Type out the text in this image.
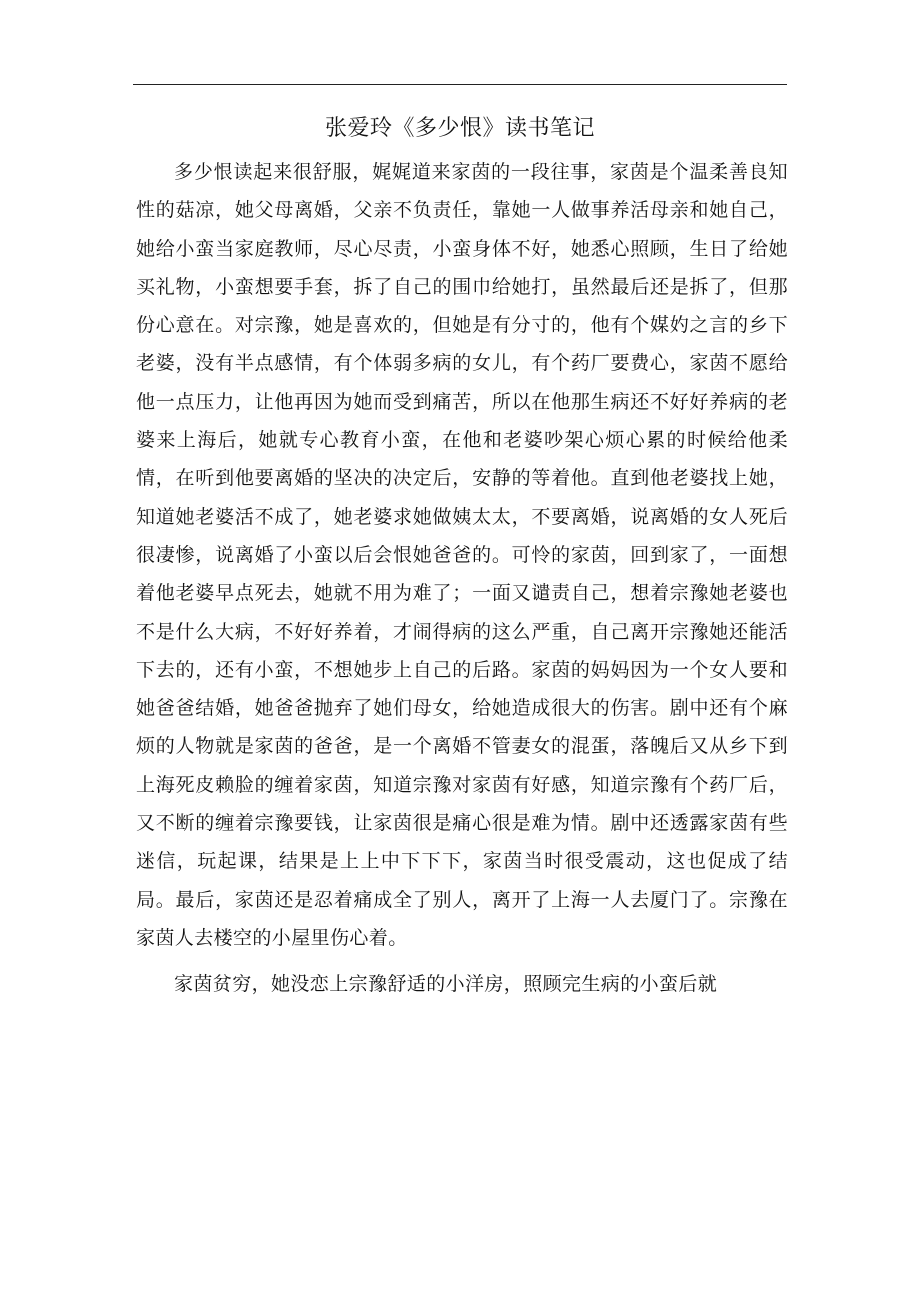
张爱玲《多少恨》读书笔记

多少恨读起来很舒服，娓娓道来家茵的一段往事，家茵是个温柔善良知性的菇凉，她父母离婚，父亲不负责任，靠她一人做事养活母亲和她自己，她给小蛮当家庭教师，尽心尽责，小蛮身体不好，她悉心照顾，生日了给她买礼物，小蛮想要手套，拆了自己的围巾给她打，虽然最后还是拆了，但那份心意在。对宗豫，她是喜欢的，但她是有分寸的，他有个媒妁之言的乡下老婆，没有半点感情，有个体弱多病的女儿，有个药厂要费心，家茵不愿给他一点压力，让他再因为她而受到痛苦，所以在他那生病还不好好养病的老婆来上海后，她就专心教育小蛮，在他和老婆吵架心烦心累的时候给他柔情，在听到他要离婚的坚决的决定后，安静的等着他。直到他老婆找上她，知道她老婆活不成了，她老婆求她做姨太太，不要离婚，说离婚的女人死后很凄惨，说离婚了小蛮以后会恨她爸爸的。可怜的家茵，回到家了，一面想着他老婆早点死去，她就不用为难了；一面又谴责自己，想着宗豫她老婆也不是什么大病，不好好养着，才闹得病的这么严重，自己离开宗豫她还能活下去的，还有小蛮，不想她步上自己的后路。家茵的妈妈因为一个女人要和她爸爸结婚，她爸爸抛弃了她们母女，给她造成很大的伤害。剧中还有个麻烦的人物就是家茵的爸爸，是一个离婚不管妻女的混蛋，落魄后又从乡下到上海死皮赖脸的缠着家茵，知道宗豫对家茵有好感，知道宗豫有个药厂后，又不断的缠着宗豫要钱，让家茵很是痛心很是难为情。剧中还透露家茵有些迷信，玩起课，结果是上上中下下下，家茵当时很受震动，这也促成了结局。最后，家茵还是忍着痛成全了别人，离开了上海一人去厦门了。宗豫在家茵人去楼空的小屋里伤心着。

家茵贫穷，她没恋上宗豫舒适的小洋房，照顾完生病的小蛮后就
